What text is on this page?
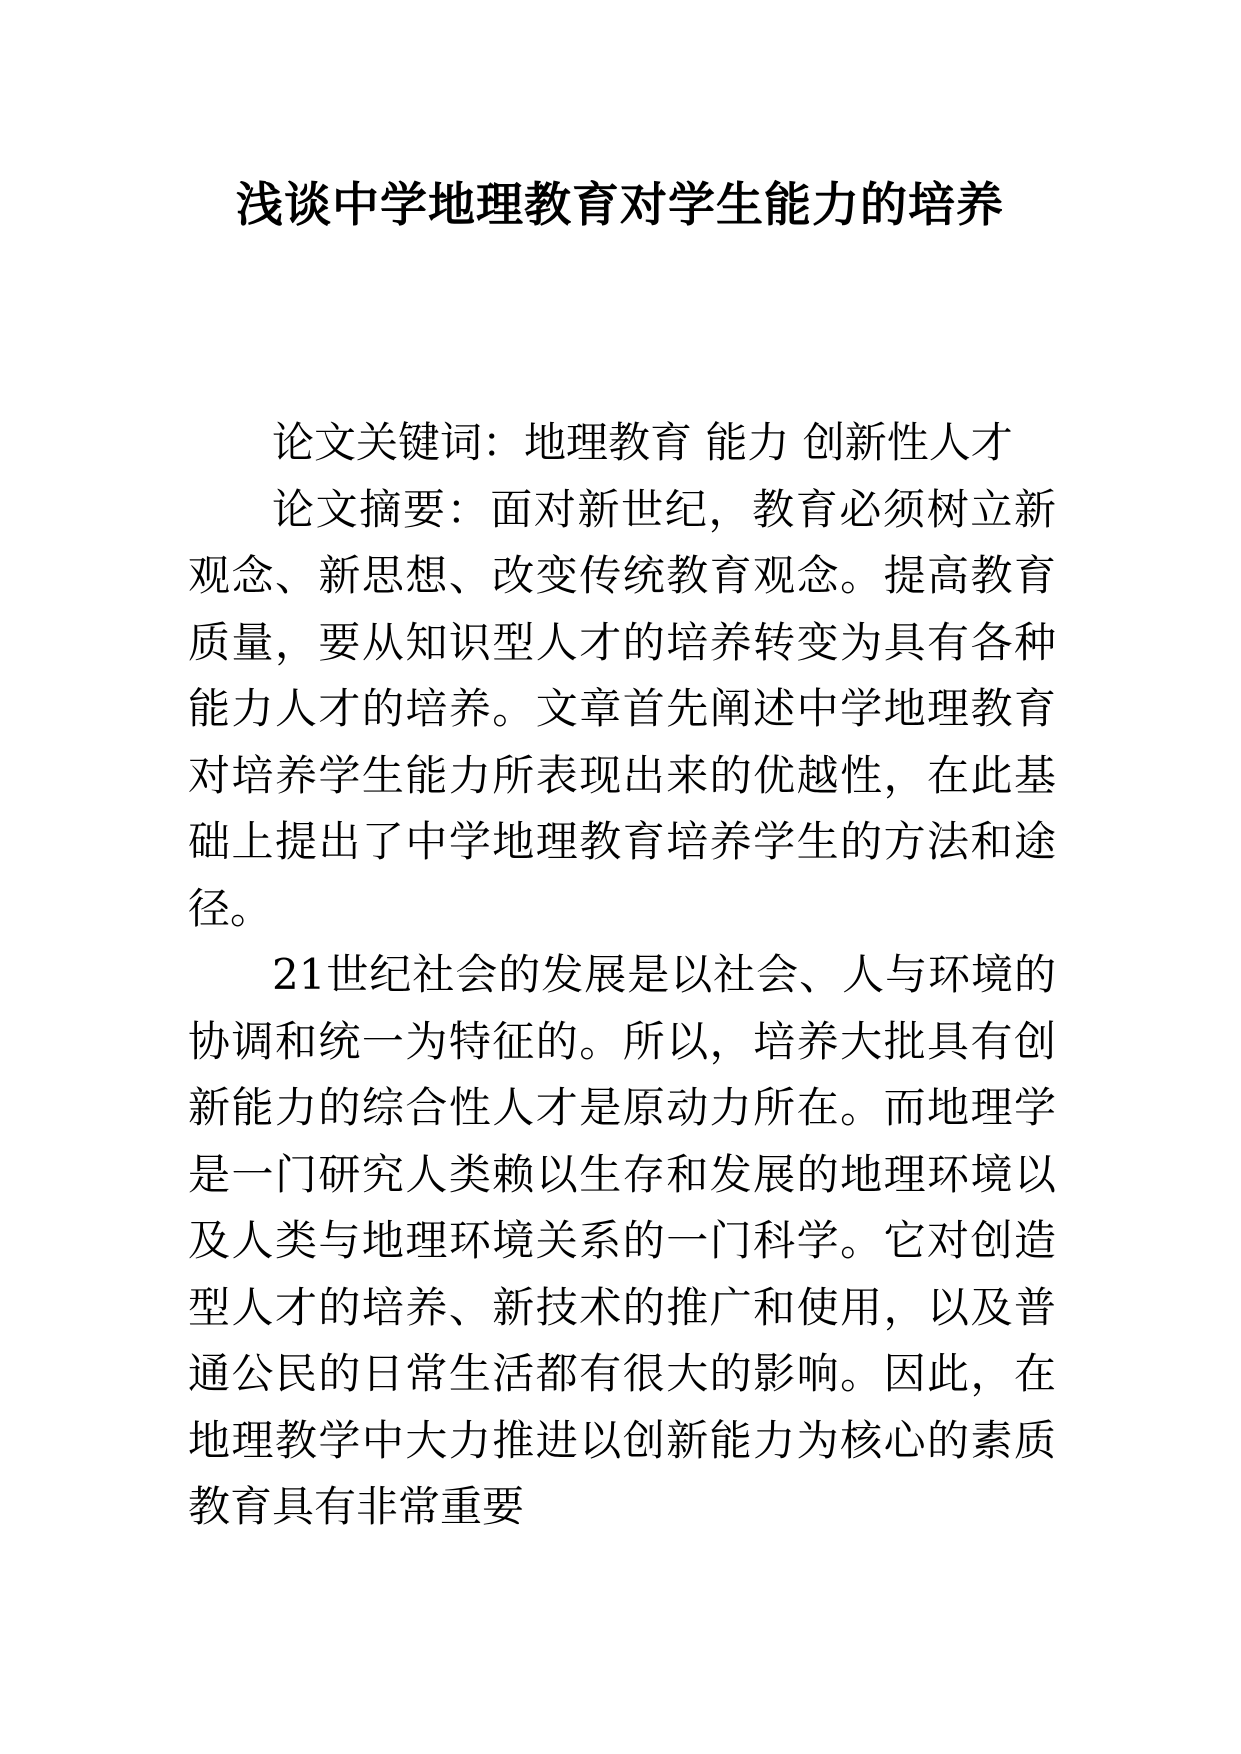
浅谈中学地理教育对学生能力的培养

论文关键词：地理教育 能力 创新性人才

论文摘要：面对新世纪，教育必须树立新观念、新思想、改变传统教育观念。提高教育质量，要从知识型人才的培养转变为具有各种能力人才的培养。文章首先阐述中学地理教育对培养学生能力所表现出来的优越性，在此基础上提出了中学地理教育培养学生的方法和途径。

21世纪社会的发展是以社会、人与环境的协调和统一为特征的。所以，培养大批具有创新能力的综合性人才是原动力所在。而地理学是一门研究人类赖以生存和发展的地理环境以及人类与地理环境关系的一门科学。它对创造型人才的培养、新技术的推广和使用，以及普通公民的日常生活都有很大的影响。因此，在地理教学中大力推进以创新能力为核心的素质教育具有非常重要
